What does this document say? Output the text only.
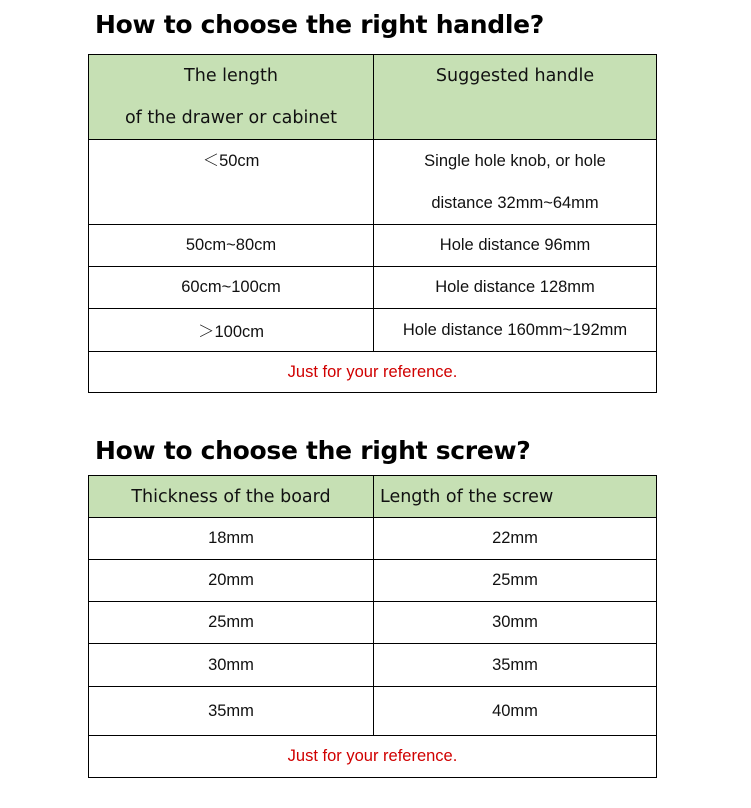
How to choose the right handle?
The length
of the drawer or cabinet	Suggested handle

＜50cm	Single hole knob, or hole
distance 32mm~64mm

50cm~80cm	Hole distance 96mm
60cm~100cm	Hole distance 128mm
＞100cm	Hole distance 160mm~192mm
Just for your reference.	
How to choose the right screw?
Thickness of the board	Length of the screw
18mm	22mm
20mm	25mm
25mm	30mm
30mm	35mm
35mm	40mm
Just for your reference.	
